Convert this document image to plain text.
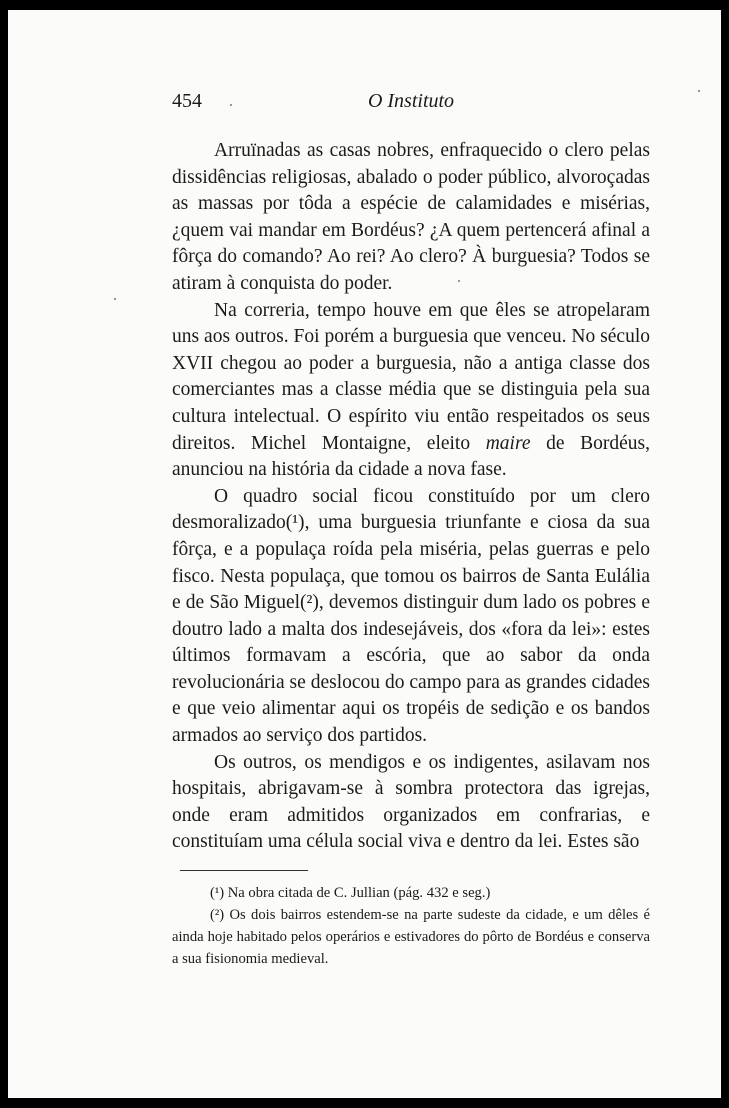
454	O Instituto

Arruïnadas as casas nobres, enfraquecido o clero pelas dissidências religiosas, abalado o poder público, alvoroçadas as massas por tôda a espécie de calamidades e misérias, ¿quem vai mandar em Bordéus? ¿A quem pertencerá afinal a fôrça do comando? Ao rei? Ao clero? À burguesia? Todos se atiram à conquista do poder.

Na correria, tempo houve em que êles se atropelaram uns aos outros. Foi porém a burguesia que venceu. No século XVII chegou ao poder a burguesia, não a antiga classe dos comerciantes mas a classe média que se distinguia pela sua cultura intelectual. O espírito viu então respeitados os seus direitos. Michel Montaigne, eleito maire de Bordéus, anunciou na história da cidade a nova fase.

O quadro social ficou constituído por um clero desmoralizado(¹), uma burguesia triunfante e ciosa da sua fôrça, e a populaça roída pela miséria, pelas guerras e pelo fisco. Nesta populaça, que tomou os bairros de Santa Eulália e de São Miguel(²), devemos distinguir dum lado os pobres e doutro lado a malta dos indesejáveis, dos «fora da lei»: estes últimos formavam a escória, que ao sabor da onda revolucionária se deslocou do campo para as grandes cidades e que veio alimentar aqui os tropéis de sedição e os bandos armados ao serviço dos partidos.

Os outros, os mendigos e os indigentes, asilavam nos hospitais, abrigavam-se à sombra protectora das igrejas, onde eram admitidos organizados em confrarias, e constituíam uma célula social viva e dentro da lei. Estes são

(¹) Na obra citada de C. Jullian (pág. 432 e seg.)

(²) Os dois bairros estendem-se na parte sudeste da cidade, e um dêles é ainda hoje habitado pelos operários e estivadores do pôrto de Bordéus e conserva a sua fisionomia medieval.
